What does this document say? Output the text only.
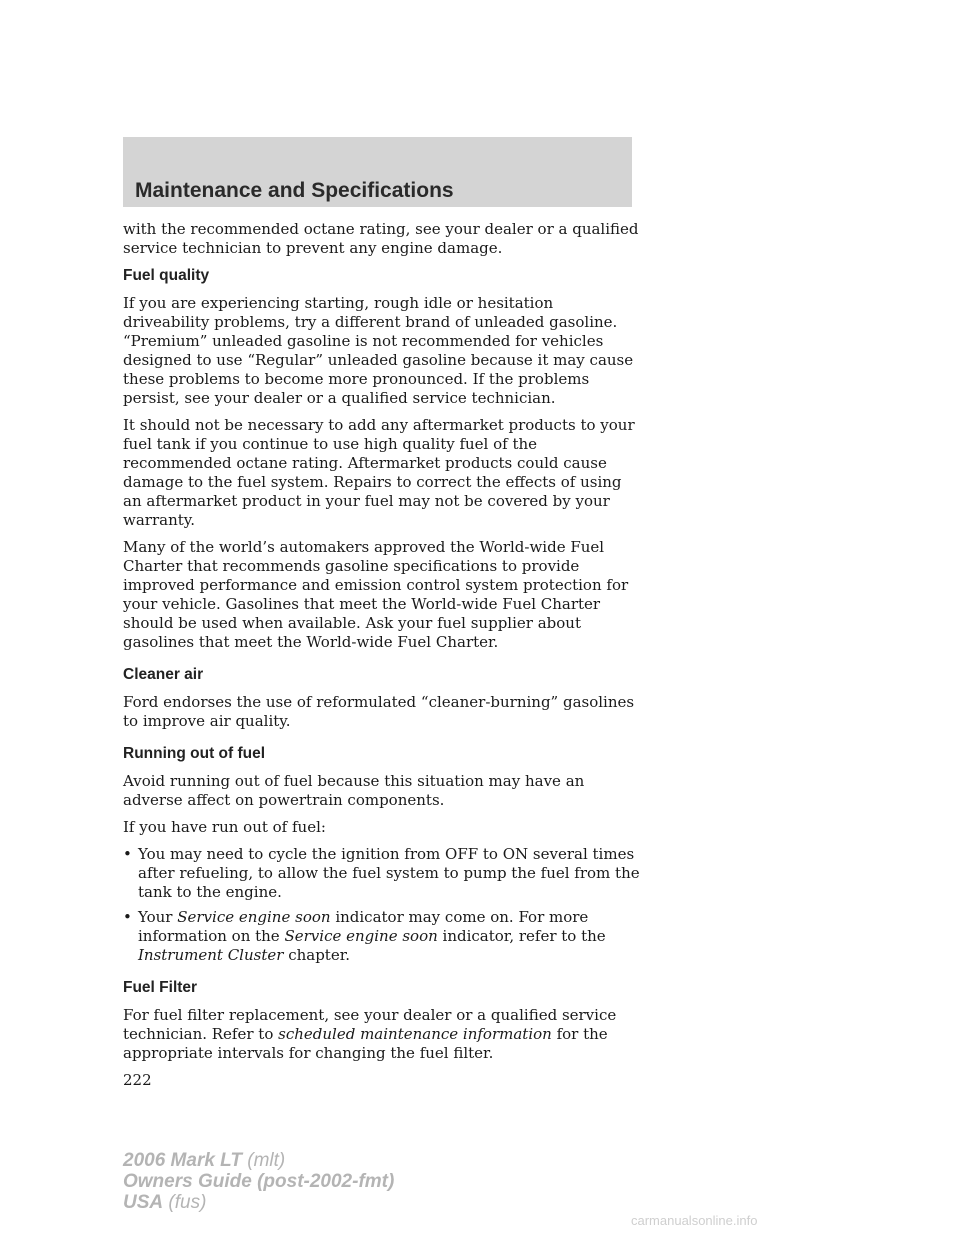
Maintenance and Specifications

with the recommended octane rating, see your dealer or a qualified service technician to prevent any engine damage.

Fuel quality

If you are experiencing starting, rough idle or hesitation driveability problems, try a different brand of unleaded gasoline. “Premium” unleaded gasoline is not recommended for vehicles designed to use “Regular” unleaded gasoline because it may cause these problems to become more pronounced. If the problems persist, see your dealer or a qualified service technician.

It should not be necessary to add any aftermarket products to your fuel tank if you continue to use high quality fuel of the recommended octane rating. Aftermarket products could cause damage to the fuel system. Repairs to correct the effects of using an aftermarket product in your fuel may not be covered by your warranty.

Many of the world’s automakers approved the World-wide Fuel Charter that recommends gasoline specifications to provide improved performance and emission control system protection for your vehicle. Gasolines that meet the World-wide Fuel Charter should be used when available. Ask your fuel supplier about gasolines that meet the World-wide Fuel Charter.

Cleaner air

Ford endorses the use of reformulated “cleaner-burning” gasolines to improve air quality.

Running out of fuel

Avoid running out of fuel because this situation may have an adverse affect on powertrain components.

If you have run out of fuel:

• You may need to cycle the ignition from OFF to ON several times after refueling, to allow the fuel system to pump the fuel from the tank to the engine.
• Your Service engine soon indicator may come on. For more information on the Service engine soon indicator, refer to the Instrument Cluster chapter.
Fuel Filter

For fuel filter replacement, see your dealer or a qualified service technician. Refer to scheduled maintenance information for the appropriate intervals for changing the fuel filter.

222
2006 Mark LT (mlt)
Owners Guide (post-2002-fmt)
USA (fus)
carmanualsonline.info
